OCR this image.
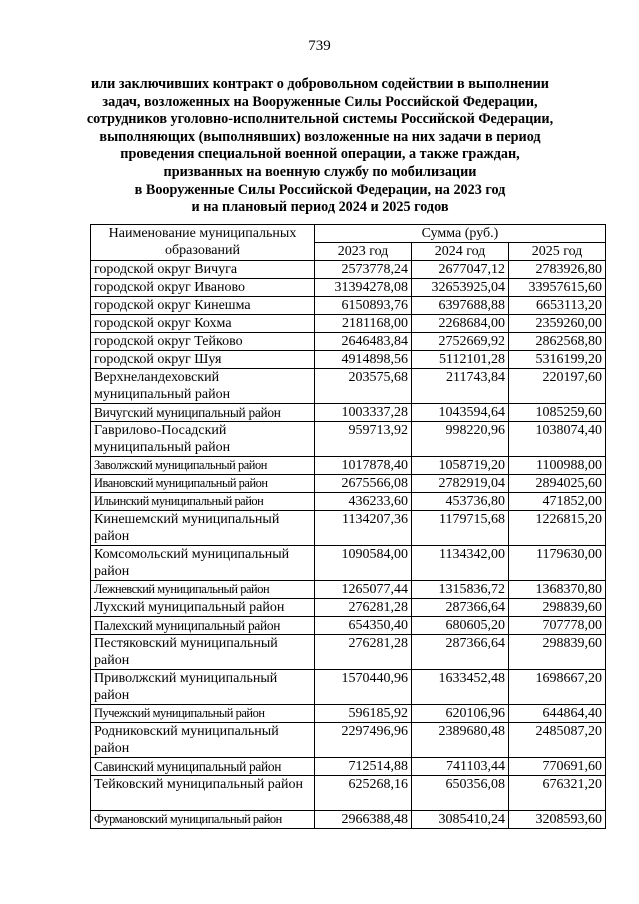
739
или заключивших контракт о добровольном содействии в выполнении
задач, возложенных на Вооруженные Силы Российской Федерации,
сотрудников уголовно-исполнительной системы Российской Федерации,
выполняющих (выполнявших) возложенные на них задачи в период
проведения специальной военной операции, а также граждан,
призванных на военную службу по мобилизации
в Вооруженные Силы Российской Федерации, на 2023 год
и на плановый период 2024 и 2025 годов
Наименование муниципальных образований	Сумма (руб.)		
	2023 год	2024 год	2025 год
городской округ Вичуга	2573778,24	2677047,12	2783926,80
городской округ Иваново	31394278,08	32653925,04	33957615,60
городской округ Кинешма	6150893,76	6397688,88	6653113,20
городской округ Кохма	2181168,00	2268684,00	2359260,00
городской округ Тейково	2646483,84	2752669,92	2862568,80
городской округ Шуя	4914898,56	5112101,28	5316199,20
Верхнеландеховский муниципальный район	203575,68	211743,84	220197,60
Вичугский муниципальный район	1003337,28	1043594,64	1085259,60
Гаврилово-Посадский муниципальный район	959713,92	998220,96	1038074,40
Заволжский муниципальный район	1017878,40	1058719,20	1100988,00
Ивановский муниципальный район	2675566,08	2782919,04	2894025,60
Ильинский муниципальный район	436233,60	453736,80	471852,00
Кинешемский муниципальный район	1134207,36	1179715,68	1226815,20
Комсомольский муниципальный район	1090584,00	1134342,00	1179630,00
Лежневский муниципальный район	1265077,44	1315836,72	1368370,80
Лухский муниципальный район	276281,28	287366,64	298839,60
Палехский муниципальный район	654350,40	680605,20	707778,00
Пестяковский муниципальный район	276281,28	287366,64	298839,60
Приволжский муниципальный район	1570440,96	1633452,48	1698667,20
Пучежский муниципальный район	596185,92	620106,96	644864,40
Родниковский муниципальный район	2297496,96	2389680,48	2485087,20
Савинский муниципальный район	712514,88	741103,44	770691,60
Тейковский муниципальный район	625268,16	650356,08	676321,20
Фурмановский муниципальный район	2966388,48	3085410,24	3208593,60
